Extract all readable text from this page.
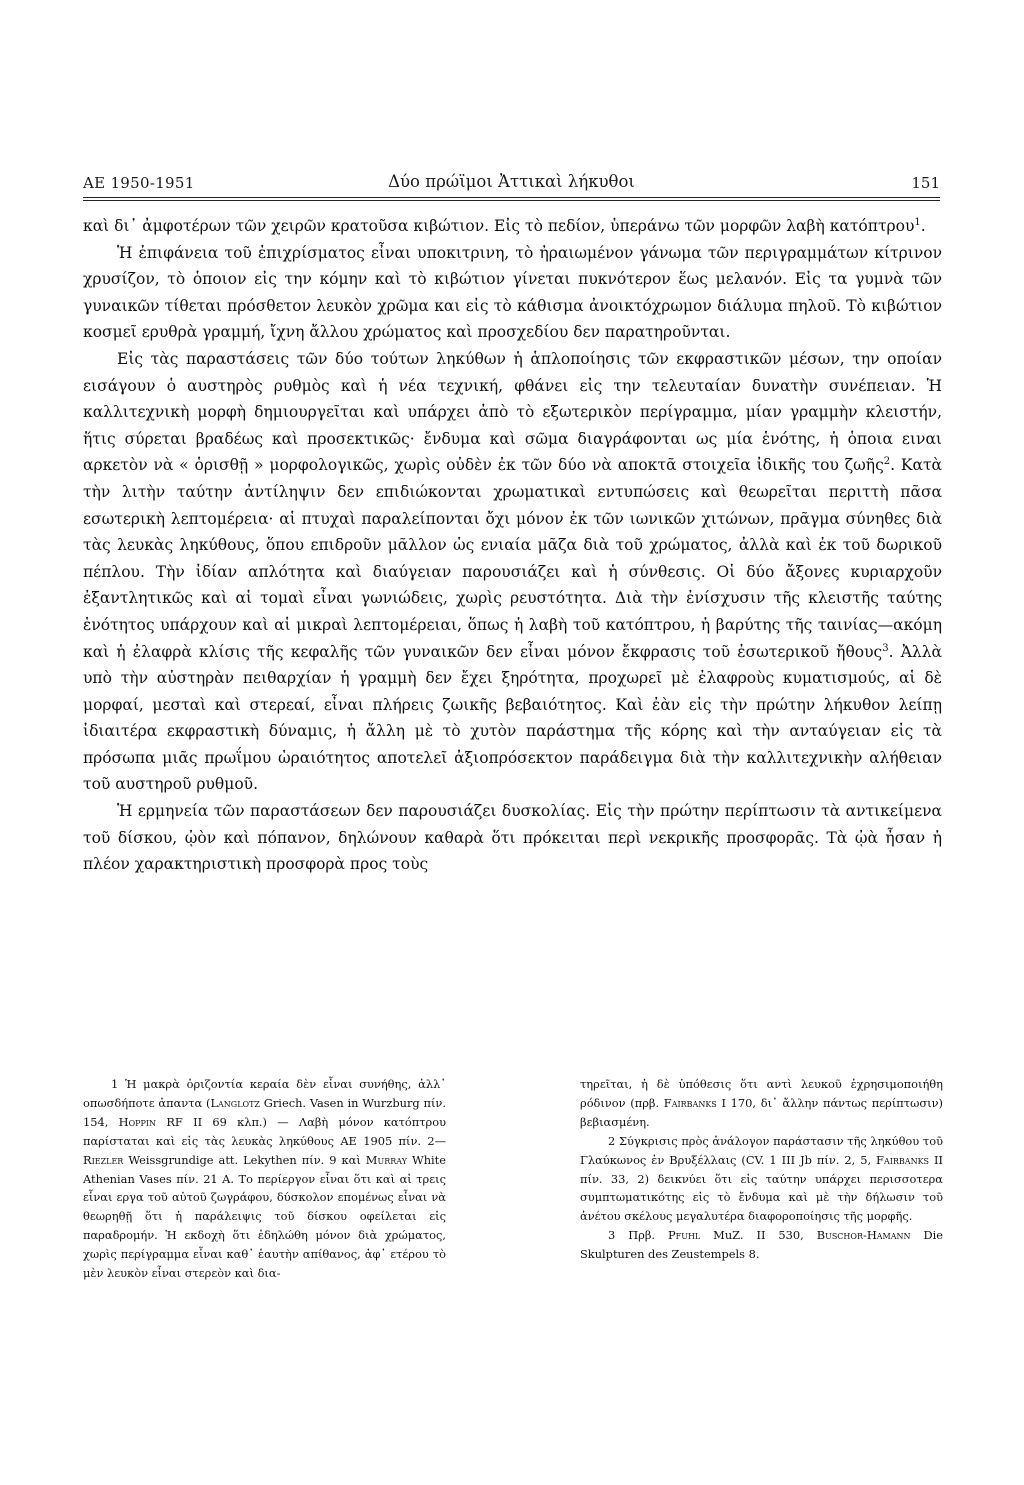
AE 1950-1951	Δύο πρώϊμοι Ἀττικαὶ λήκυθοι	151

καὶ δι᾽ ἀμφοτέρων τῶν χειρῶν κρατοῦσα κιβώτιον. Εἰς τὸ πεδίον, ὑπεράνω τῶν μορφῶν λαβὴ κατόπτρου$^1$.

Ἡ ἐπιφάνεια τοῦ ἐπιχρίσματος εἶναι υποκιτρινη, τὸ ἠραιωμένον γάνωμα τῶν περιγραμμάτων κίτρινον χρυσίζον, τὸ ὁποιον εἰς την κόμην καὶ τὸ κιβώτιον γίνεται πυκνότερον ἕως μελανόν. Εἰς τα γυμνὰ τῶν γυναικῶν τίθεται πρόσθετον λευκὸν χρῶμα και εἰς τὸ κάθισμα ἀνοικτόχρωμον διάλυμα πηλοῦ. Τὸ κιβώτιον κοσμεῖ ερυθρὰ γραμμή, ἴχνη ἄλλου χρώματος καὶ προσχεδίου δεν παρατηροῦνται.

Εἰς τὰς παραστάσεις τῶν δύο τούτων ληκύθων ἡ ἁπλοποίησις τῶν εκφραστικῶν μέσων, την οποίαν εισάγουν ὁ αυστηρὸς ρυθμὸς καὶ ἡ νέα τεχνική, φθάνει εἰς την τελευταίαν δυνατὴν συνέπειαν. Ἡ καλλιτεχνικὴ μορφὴ δημιουργεῖται καὶ υπάρχει ἀπὸ τὸ εξωτερικὸν περίγραμμα, μίαν γραμμὴν κλειστήν, ἥτις σύρεται βραδέως καὶ προσεκτικῶς· ἔνδυμα καὶ σῶμα διαγράφονται ως μία ἑνότης, ἡ ὁποια ειναι αρκετὸν νὰ « ὁρισθῇ » μορφολογικῶς, χωρὶς οὐδὲν ἐκ τῶν δύο νὰ αποκτᾶ στοιχεῖα ἰδικῆς του ζωῆς$^2$. Κατὰ τὴν λιτὴν ταύτην ἀντίληψιν δεν επιδιώκονται χρωματικαὶ εντυπώσεις καὶ θεωρεῖται περιττὴ πᾶσα εσωτερικὴ λεπτομέρεια· αἱ πτυχαὶ παραλείπονται ὄχι μόνον ἐκ τῶν ιωνικῶν χιτώνων, πρᾶγμα σύνηθες διὰ τὰς λευκὰς ληκύθους, ὅπου επιδροῦν μᾶλλον ὡς ενιαία μᾶζα διὰ τοῦ χρώματος, ἀλλὰ καὶ ἐκ τοῦ δωρικοῦ πέπλου. Τὴν ἰδίαν απλότητα καὶ διαύγειαν παρουσιάζει καὶ ἡ σύνθεσις. Οἱ δύο ἄξονες κυριαρχοῦν ἐξαντλητικῶς καὶ αἱ τομαὶ εἶναι γωνιώδεις, χωρὶς ρευστότητα. Διὰ τὴν ἐνίσχυσιν τῆς κλειστῆς ταύτης ἑνότητος υπάρχουν καὶ αἱ μικραὶ λεπτομέρειαι, ὅπως ἡ λαβὴ τοῦ κατόπτρου, ἡ βαρύτης τῆς ταινίας—ακόμη καὶ ἡ ἐλαφρὰ κλίσις τῆς κεφαλῆς τῶν γυναικῶν δεν εἶναι μόνον ἔκφρασις τοῦ ἐσωτερικοῦ ἤθους$^3$. Ἀλλὰ υπὸ τὴν αὐστηρὰν πειθαρχίαν ἡ γραμμὴ δεν ἔχει ξηρότητα, προχωρεῖ μὲ ἐλαφροὺς κυματισμούς, αἱ δὲ μορφαί, μεσταὶ καὶ στερεαί, εἶναι πλήρεις ζωικῆς βεβαιότητος. Καὶ ἐὰν εἰς τὴν πρώτην λήκυθον λείπῃ ἰδιαιτέρα εκφραστικὴ δύναμις, ἡ ἄλλη μὲ τὸ χυτὸν παράστημα τῆς κόρης καὶ τὴν ανταύγειαν εἰς τὰ πρόσωπα μιᾶς πρωΐμου ὡραιότητος αποτελεῖ ἀξιοπρόσεκτον παράδειγμα διὰ τὴν καλλιτεχνικὴν αλήθειαν τοῦ αυστηροῦ ρυθμοῦ.

Ἡ ερμηνεία τῶν παραστάσεων δεν παρουσιάζει δυσκολίας. Εἰς τὴν πρώτην περίπτωσιν τὰ αντικείμενα τοῦ δίσκου, ᾠὸν καὶ πόπανον, δηλώνουν καθαρὰ ὅτι πρόκειται περὶ νεκρικῆς προσφορᾶς. Τὰ ᾠὰ ἦσαν ἡ πλέον χαρακτηριστικὴ προσφορὰ προς τοὺς

1 Ἡ μακρὰ ὁριζοντία κεραία δὲν εἶναι συνήθης, ἀλλ᾽ οπωσδήποτε ἀπαντα (Langlotz Griech. Vasen in Wurzburg πίν. 154, Hoppin RF II 69 κλπ.) — Λαβὴ μόνον κατόπτρου παρίσταται καὶ εἰς τὰς λευκὰς ληκύθους AE 1905 πίν. 2—Riezler Weissgrundige att. Lekythen πίν. 9 καὶ Murray White Athenian Vases πίν. 21 A. Το περίεργον εἶναι ὅτι καὶ αἱ τρεις εἶναι εργα τοῦ αὐτοῦ ζωγράφου, δύσκολον επομένως εἶναι νὰ θεωρηθῇ ὅτι ἡ παράλειψις τοῦ δίσκου οφείλεται εἰς παραδρομήν. Ἡ εκδοχὴ ὅτι ἐδηλώθη μόνον διὰ χρώματος, χωρὶς περίγραμμα εἶναι καθ᾽ ἑαυτὴν απίθανος, ἀφ᾽ ετέρου τὸ μὲν λευκὸν εἶναι στερεὸν καὶ δια-

τηρεῖται, ἡ δὲ ὑπόθεσις ὅτι αντὶ λευκοῦ ἐχρησιμοποιήθη ρόδινον (πρβ. Fairbanks I 170, δι᾽ ἄλλην πάντως περίπτωσιν) βεβιασμένη.

2 Σύγκρισις πρὸς ἀνάλογον παράστασιν τῆς ληκύθου τοῦ Γλαύκωνος ἐν Βρυξέλλαις (CV. 1 III Jb πίν. 2, 5, Fairbanks II πίν. 33, 2) δεικνύει ὅτι εἰς ταύτην υπάρχει περισσοτερα συμπτωματικότης εἰς τὸ ἔνδυμα καὶ μὲ τὴν δήλωσιν τοῦ ἀνέτου σκέλους μεγαλυτέρα διαφοροποίησις τῆς μορφῆς.

3 Πρβ. Pfuhl MuZ. II 530, Buschor-Hamann Die Skulpturen des Zeustempels 8.
